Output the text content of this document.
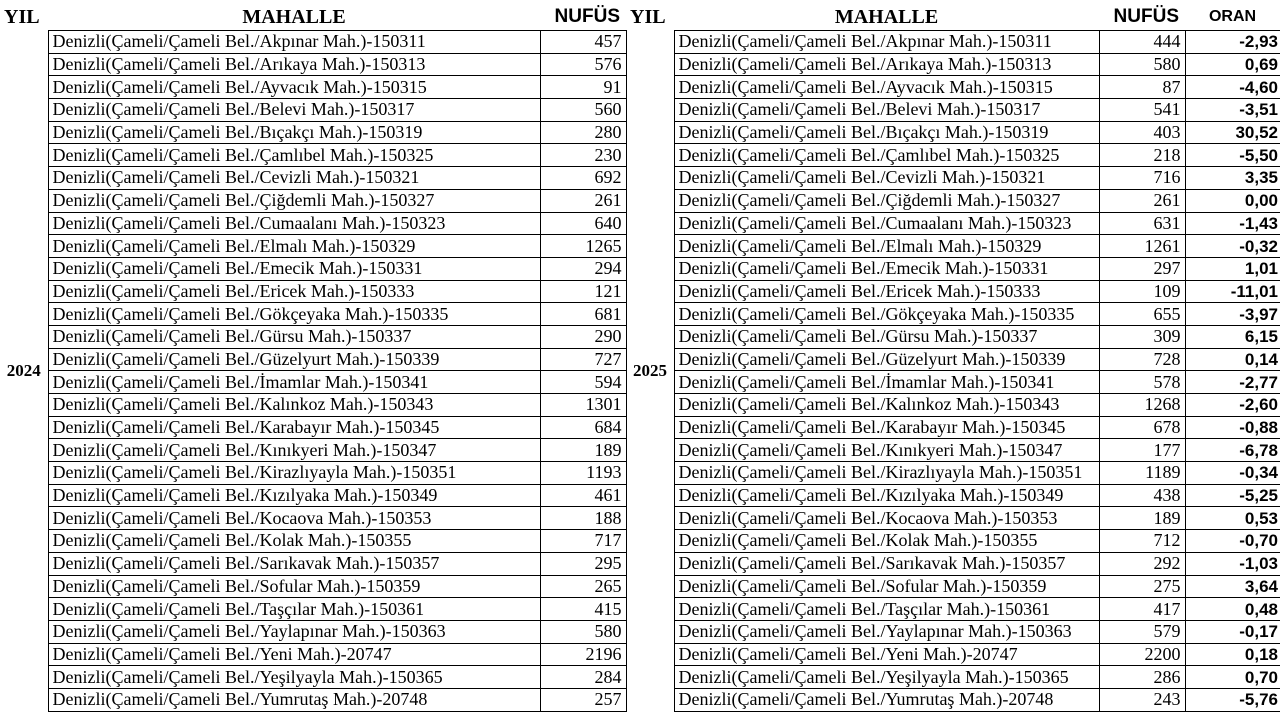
YIL	MAHALLE	NUFÜS	YIL	MAHALLE	NUFÜS	ORAN
2024	Denizli(Çameli/Çameli Bel./Akpınar Mah.)-150311	457	2025	Denizli(Çameli/Çameli Bel./Akpınar Mah.)-150311	444	-2,93
	Denizli(Çameli/Çameli Bel./Arıkaya Mah.)-150313	576		Denizli(Çameli/Çameli Bel./Arıkaya Mah.)-150313	580	0,69
	Denizli(Çameli/Çameli Bel./Ayvacık Mah.)-150315	91		Denizli(Çameli/Çameli Bel./Ayvacık Mah.)-150315	87	-4,60
	Denizli(Çameli/Çameli Bel./Belevi Mah.)-150317	560		Denizli(Çameli/Çameli Bel./Belevi Mah.)-150317	541	-3,51
	Denizli(Çameli/Çameli Bel./Bıçakçı Mah.)-150319	280		Denizli(Çameli/Çameli Bel./Bıçakçı Mah.)-150319	403	30,52
	Denizli(Çameli/Çameli Bel./Çamlıbel Mah.)-150325	230		Denizli(Çameli/Çameli Bel./Çamlıbel Mah.)-150325	218	-5,50
	Denizli(Çameli/Çameli Bel./Cevizli Mah.)-150321	692		Denizli(Çameli/Çameli Bel./Cevizli Mah.)-150321	716	3,35
	Denizli(Çameli/Çameli Bel./Çiğdemli Mah.)-150327	261		Denizli(Çameli/Çameli Bel./Çiğdemli Mah.)-150327	261	0,00
	Denizli(Çameli/Çameli Bel./Cumaalanı Mah.)-150323	640		Denizli(Çameli/Çameli Bel./Cumaalanı Mah.)-150323	631	-1,43
	Denizli(Çameli/Çameli Bel./Elmalı Mah.)-150329	1265		Denizli(Çameli/Çameli Bel./Elmalı Mah.)-150329	1261	-0,32
	Denizli(Çameli/Çameli Bel./Emecik Mah.)-150331	294		Denizli(Çameli/Çameli Bel./Emecik Mah.)-150331	297	1,01
	Denizli(Çameli/Çameli Bel./Ericek Mah.)-150333	121		Denizli(Çameli/Çameli Bel./Ericek Mah.)-150333	109	-11,01
	Denizli(Çameli/Çameli Bel./Gökçeyaka Mah.)-150335	681		Denizli(Çameli/Çameli Bel./Gökçeyaka Mah.)-150335	655	-3,97
	Denizli(Çameli/Çameli Bel./Gürsu Mah.)-150337	290		Denizli(Çameli/Çameli Bel./Gürsu Mah.)-150337	309	6,15
	Denizli(Çameli/Çameli Bel./Güzelyurt Mah.)-150339	727		Denizli(Çameli/Çameli Bel./Güzelyurt Mah.)-150339	728	0,14
	Denizli(Çameli/Çameli Bel./İmamlar Mah.)-150341	594		Denizli(Çameli/Çameli Bel./İmamlar Mah.)-150341	578	-2,77
	Denizli(Çameli/Çameli Bel./Kalınkoz Mah.)-150343	1301		Denizli(Çameli/Çameli Bel./Kalınkoz Mah.)-150343	1268	-2,60
	Denizli(Çameli/Çameli Bel./Karabayır Mah.)-150345	684		Denizli(Çameli/Çameli Bel./Karabayır Mah.)-150345	678	-0,88
	Denizli(Çameli/Çameli Bel./Kınıkyeri Mah.)-150347	189		Denizli(Çameli/Çameli Bel./Kınıkyeri Mah.)-150347	177	-6,78
	Denizli(Çameli/Çameli Bel./Kirazlıyayla Mah.)-150351	1193		Denizli(Çameli/Çameli Bel./Kirazlıyayla Mah.)-150351	1189	-0,34
	Denizli(Çameli/Çameli Bel./Kızılyaka Mah.)-150349	461		Denizli(Çameli/Çameli Bel./Kızılyaka Mah.)-150349	438	-5,25
	Denizli(Çameli/Çameli Bel./Kocaova Mah.)-150353	188		Denizli(Çameli/Çameli Bel./Kocaova Mah.)-150353	189	0,53
	Denizli(Çameli/Çameli Bel./Kolak Mah.)-150355	717		Denizli(Çameli/Çameli Bel./Kolak Mah.)-150355	712	-0,70
	Denizli(Çameli/Çameli Bel./Sarıkavak Mah.)-150357	295		Denizli(Çameli/Çameli Bel./Sarıkavak Mah.)-150357	292	-1,03
	Denizli(Çameli/Çameli Bel./Sofular Mah.)-150359	265		Denizli(Çameli/Çameli Bel./Sofular Mah.)-150359	275	3,64
	Denizli(Çameli/Çameli Bel./Taşçılar Mah.)-150361	415		Denizli(Çameli/Çameli Bel./Taşçılar Mah.)-150361	417	0,48
	Denizli(Çameli/Çameli Bel./Yaylapınar Mah.)-150363	580		Denizli(Çameli/Çameli Bel./Yaylapınar Mah.)-150363	579	-0,17
	Denizli(Çameli/Çameli Bel./Yeni Mah.)-20747	2196		Denizli(Çameli/Çameli Bel./Yeni Mah.)-20747	2200	0,18
	Denizli(Çameli/Çameli Bel./Yeşilyayla Mah.)-150365	284		Denizli(Çameli/Çameli Bel./Yeşilyayla Mah.)-150365	286	0,70
	Denizli(Çameli/Çameli Bel./Yumrutaş Mah.)-20748	257		Denizli(Çameli/Çameli Bel./Yumrutaş Mah.)-20748	243	-5,76
